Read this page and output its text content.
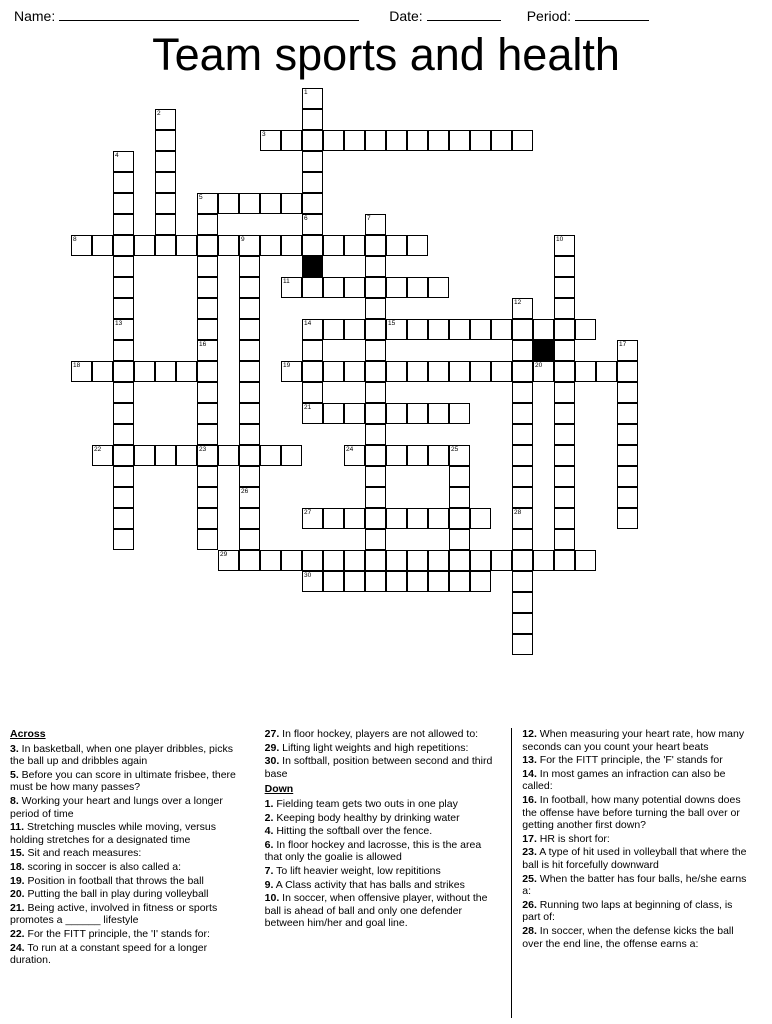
Name:	Date:	Period:
Team sports and health
1
2
3
4
5
6	7
8	9	10
11
12
13	14	15
16	17
18	19	20
21
22	23	24	25
26
27	28
29
30
Across
3. In basketball, when one player dribbles, picks the ball up and dribbles again
5. Before you can score in ultimate frisbee, there must be how many passes?
8. Working your heart and lungs over a longer period of time
11. Stretching muscles while moving, versus holding stretches for a designated time
15. Sit and reach measures:
18. scoring in soccer is also called a:
19. Position in football that throws the ball
20. Putting the ball in play during volleyball
21. Being active, involved in fitness or sports promotes a ______ lifestyle
22. For the FITT principle, the 'I' stands for:
24. To run at a constant speed for a longer duration.
27. In floor hockey, players are not allowed to:
29. Lifting light weights and high repetitions:
30. In softball, position between second and third base
Down
1. Fielding team gets two outs in one play
2. Keeping body healthy by drinking water
4. Hitting the softball over the fence.
6. In floor hockey and lacrosse, this is the area that only the goalie is allowed
7. To lift heavier weight, low repititions
9. A Class activity that has balls and strikes
10. In soccer, when offensive player, without the ball is ahead of ball and only one defender between him/her and goal line.
12. When measuring your heart rate, how many seconds can you count your heart beats
13. For the FITT principle, the 'F' stands for
14. In most games an infraction can also be called:
16. In football, how many potential downs does the offense have before turning the ball over or getting another first down?
17. HR is short for:
23. A type of hit used in volleyball that where the ball is hit forcefully downward
25. When the batter has four balls, he/she earns a:
26. Running two laps at beginning of class, is part of:
28. In soccer, when the defense kicks the ball over the end line, the offense earns a:
